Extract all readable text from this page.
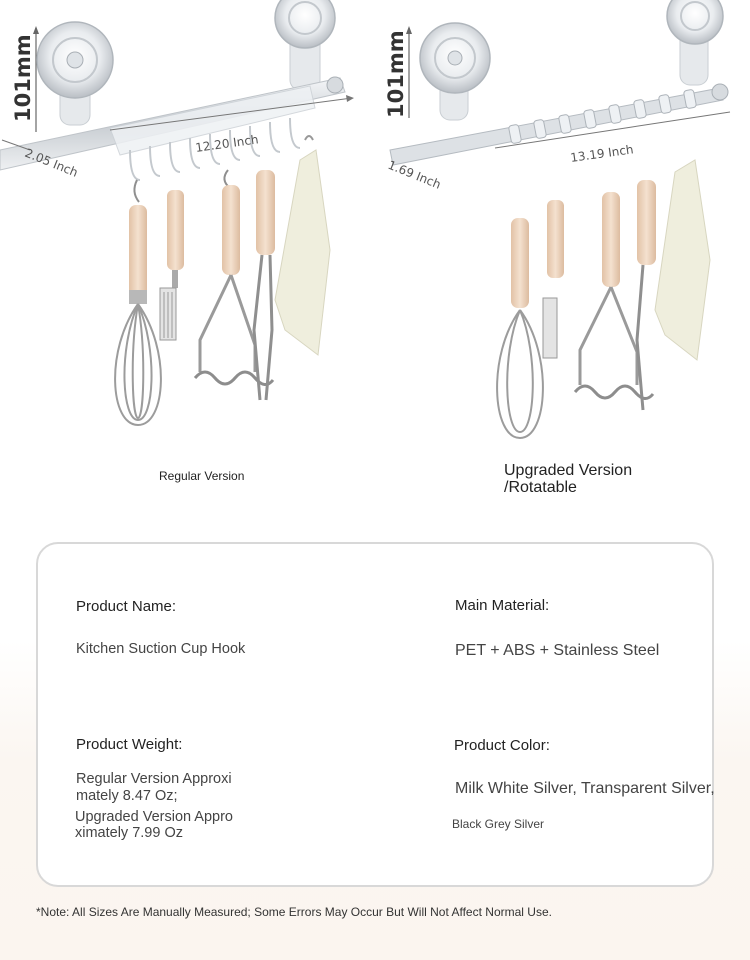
101mm
12.20 Inch
2.05 Inch
101mm
13.19 Inch
1.69 Inch
Regular Version	Upgraded Version
/Rotatable
Product Name:
Kitchen Suction Cup Hook
Main Material:
PET + ABS + Stainless Steel
Product Weight:
Regular Version Approxi
mately 8.47 Oz;
Upgraded Version Appro
ximately 7.99 Oz
Product Color:
Milk White Silver, Transparent Silver,
Black Grey Silver
*Note: All Sizes Are Manually Measured; Some Errors May Occur But Will Not Affect Normal Use.
